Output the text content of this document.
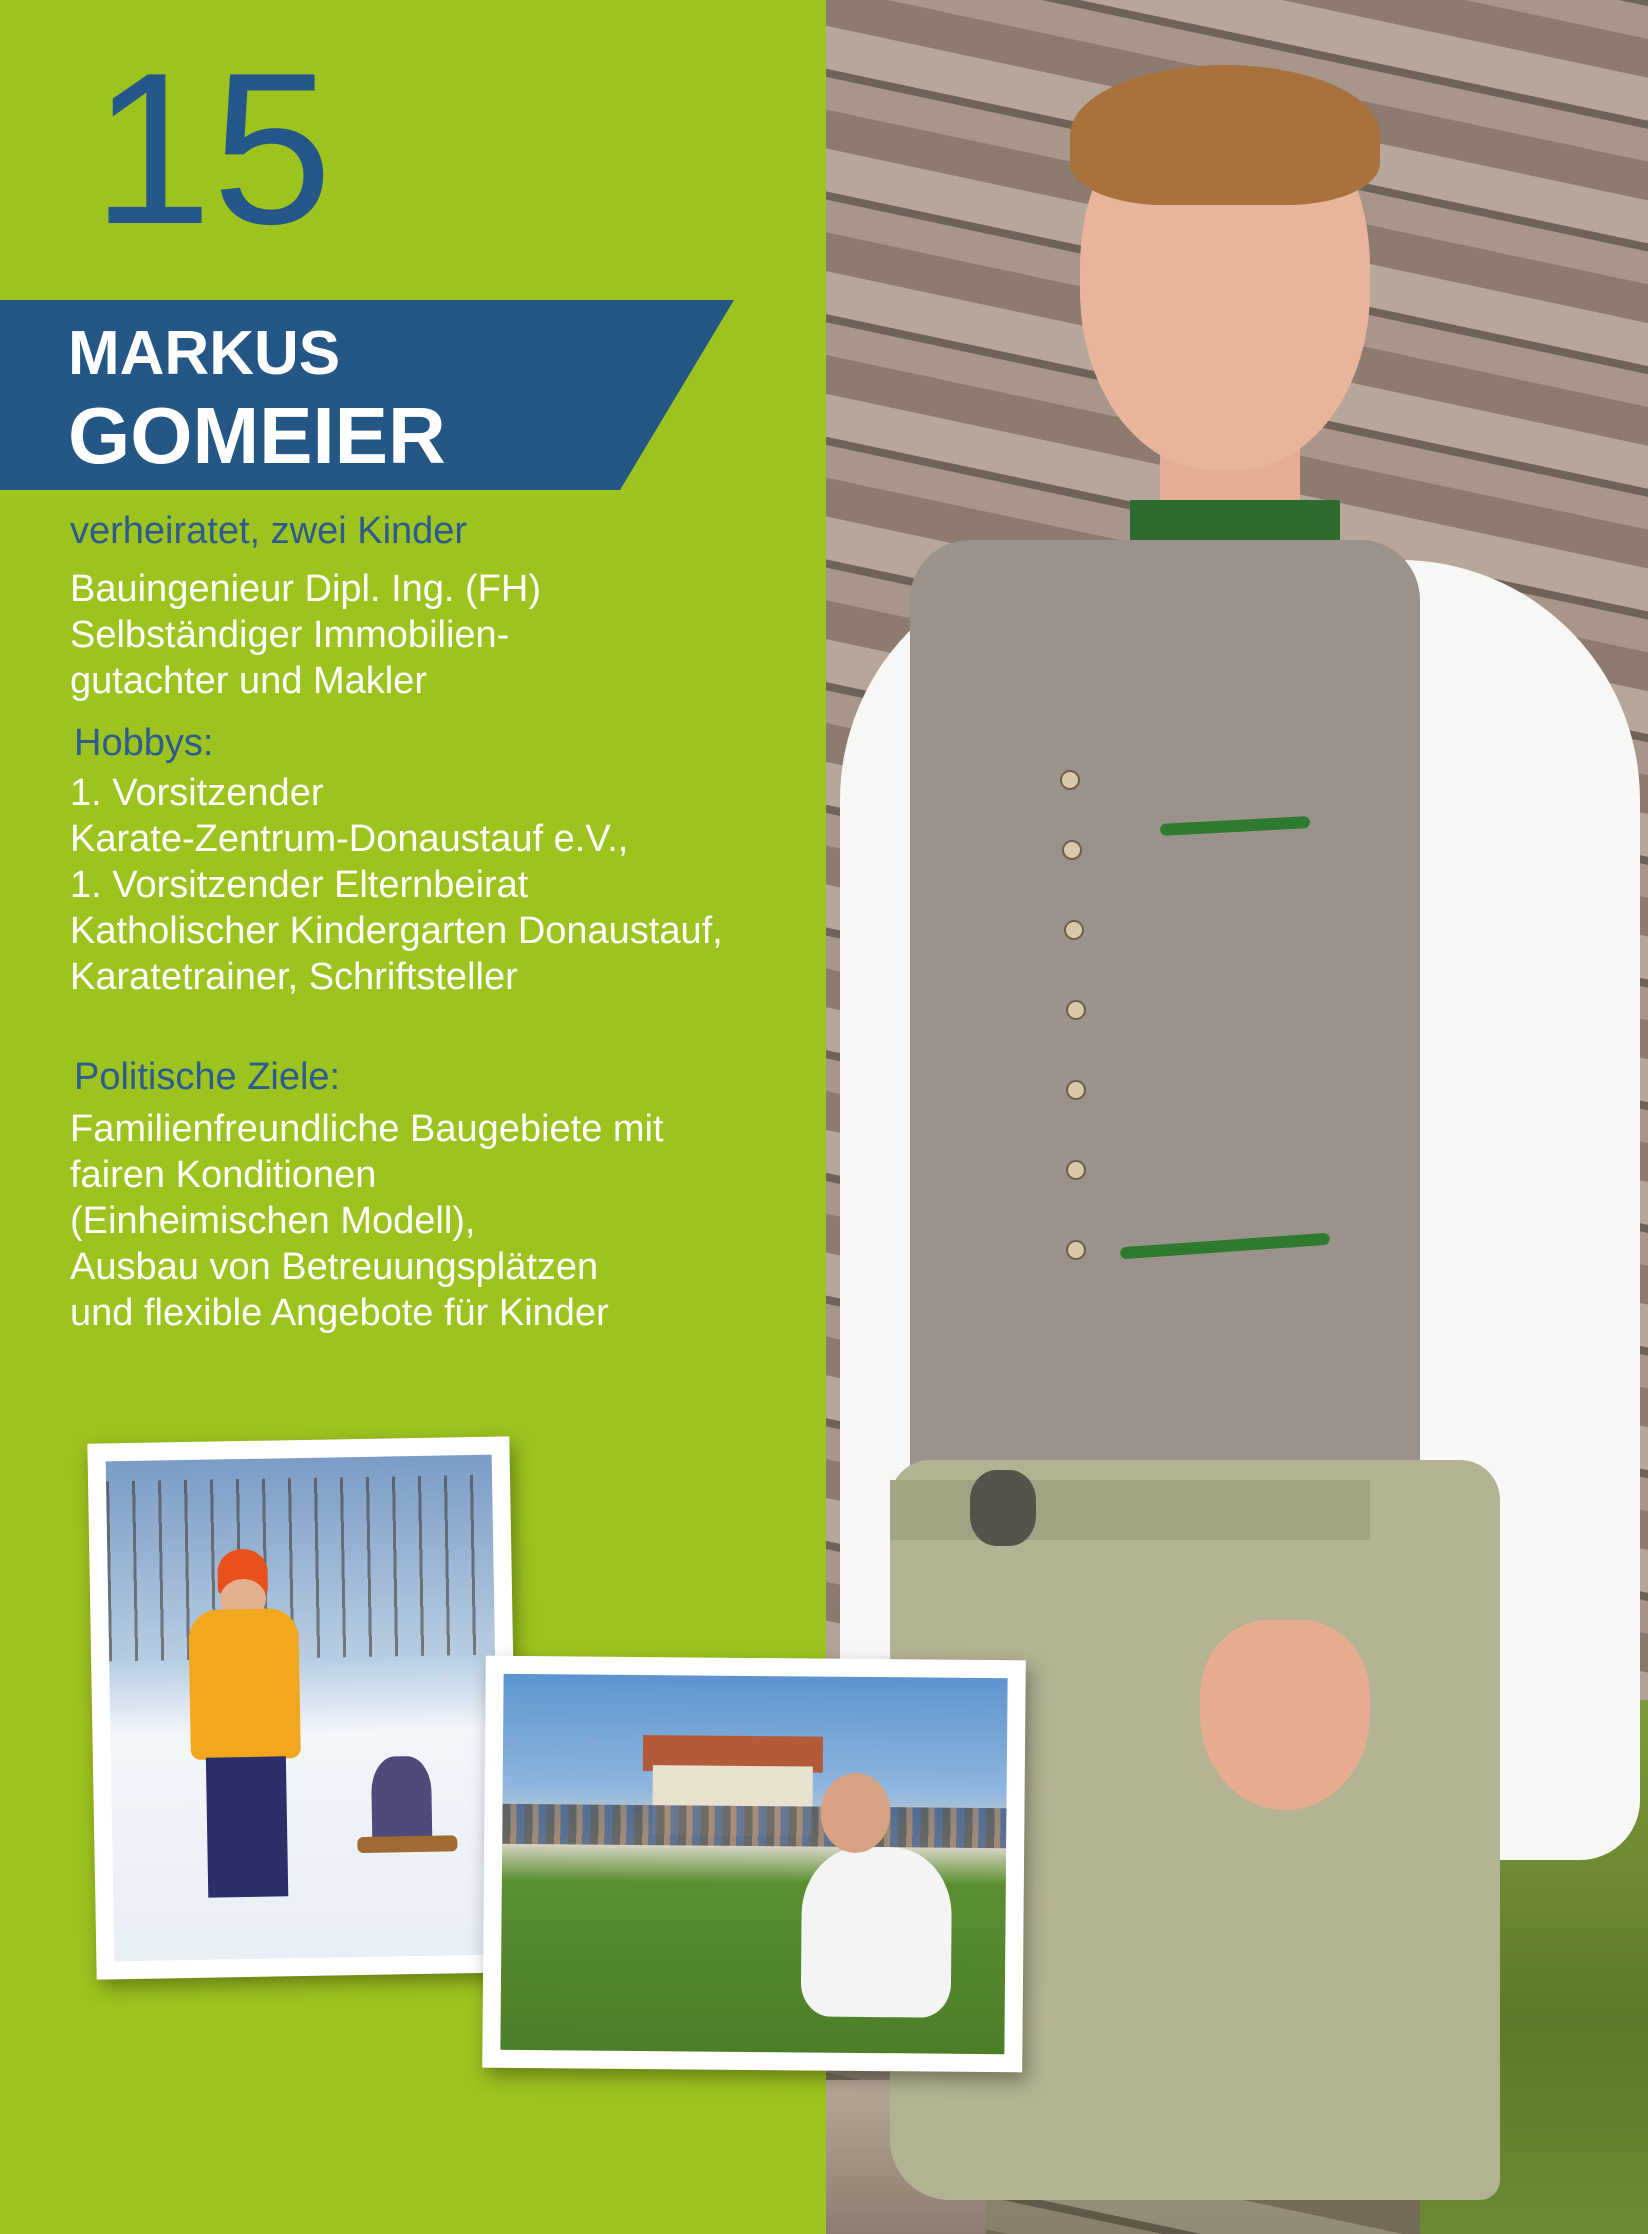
15
MARKUS
GOMEIER
verheiratet, zwei Kinder
Bauingenieur Dipl. Ing. (FH)
Selbständiger Immobilien-
gutachter und Makler
Hobbys:
1. Vorsitzender
Karate-Zentrum-Donaustauf e.V.,
1. Vorsitzender Elternbeirat
Katholischer Kindergarten Donaustauf,
Karatetrainer, Schriftsteller
Politische Ziele:
Familienfreundliche Baugebiete mit
fairen Konditionen
(Einheimischen Modell),
Ausbau von Betreuungsplätzen
und flexible Angebote für Kinder
